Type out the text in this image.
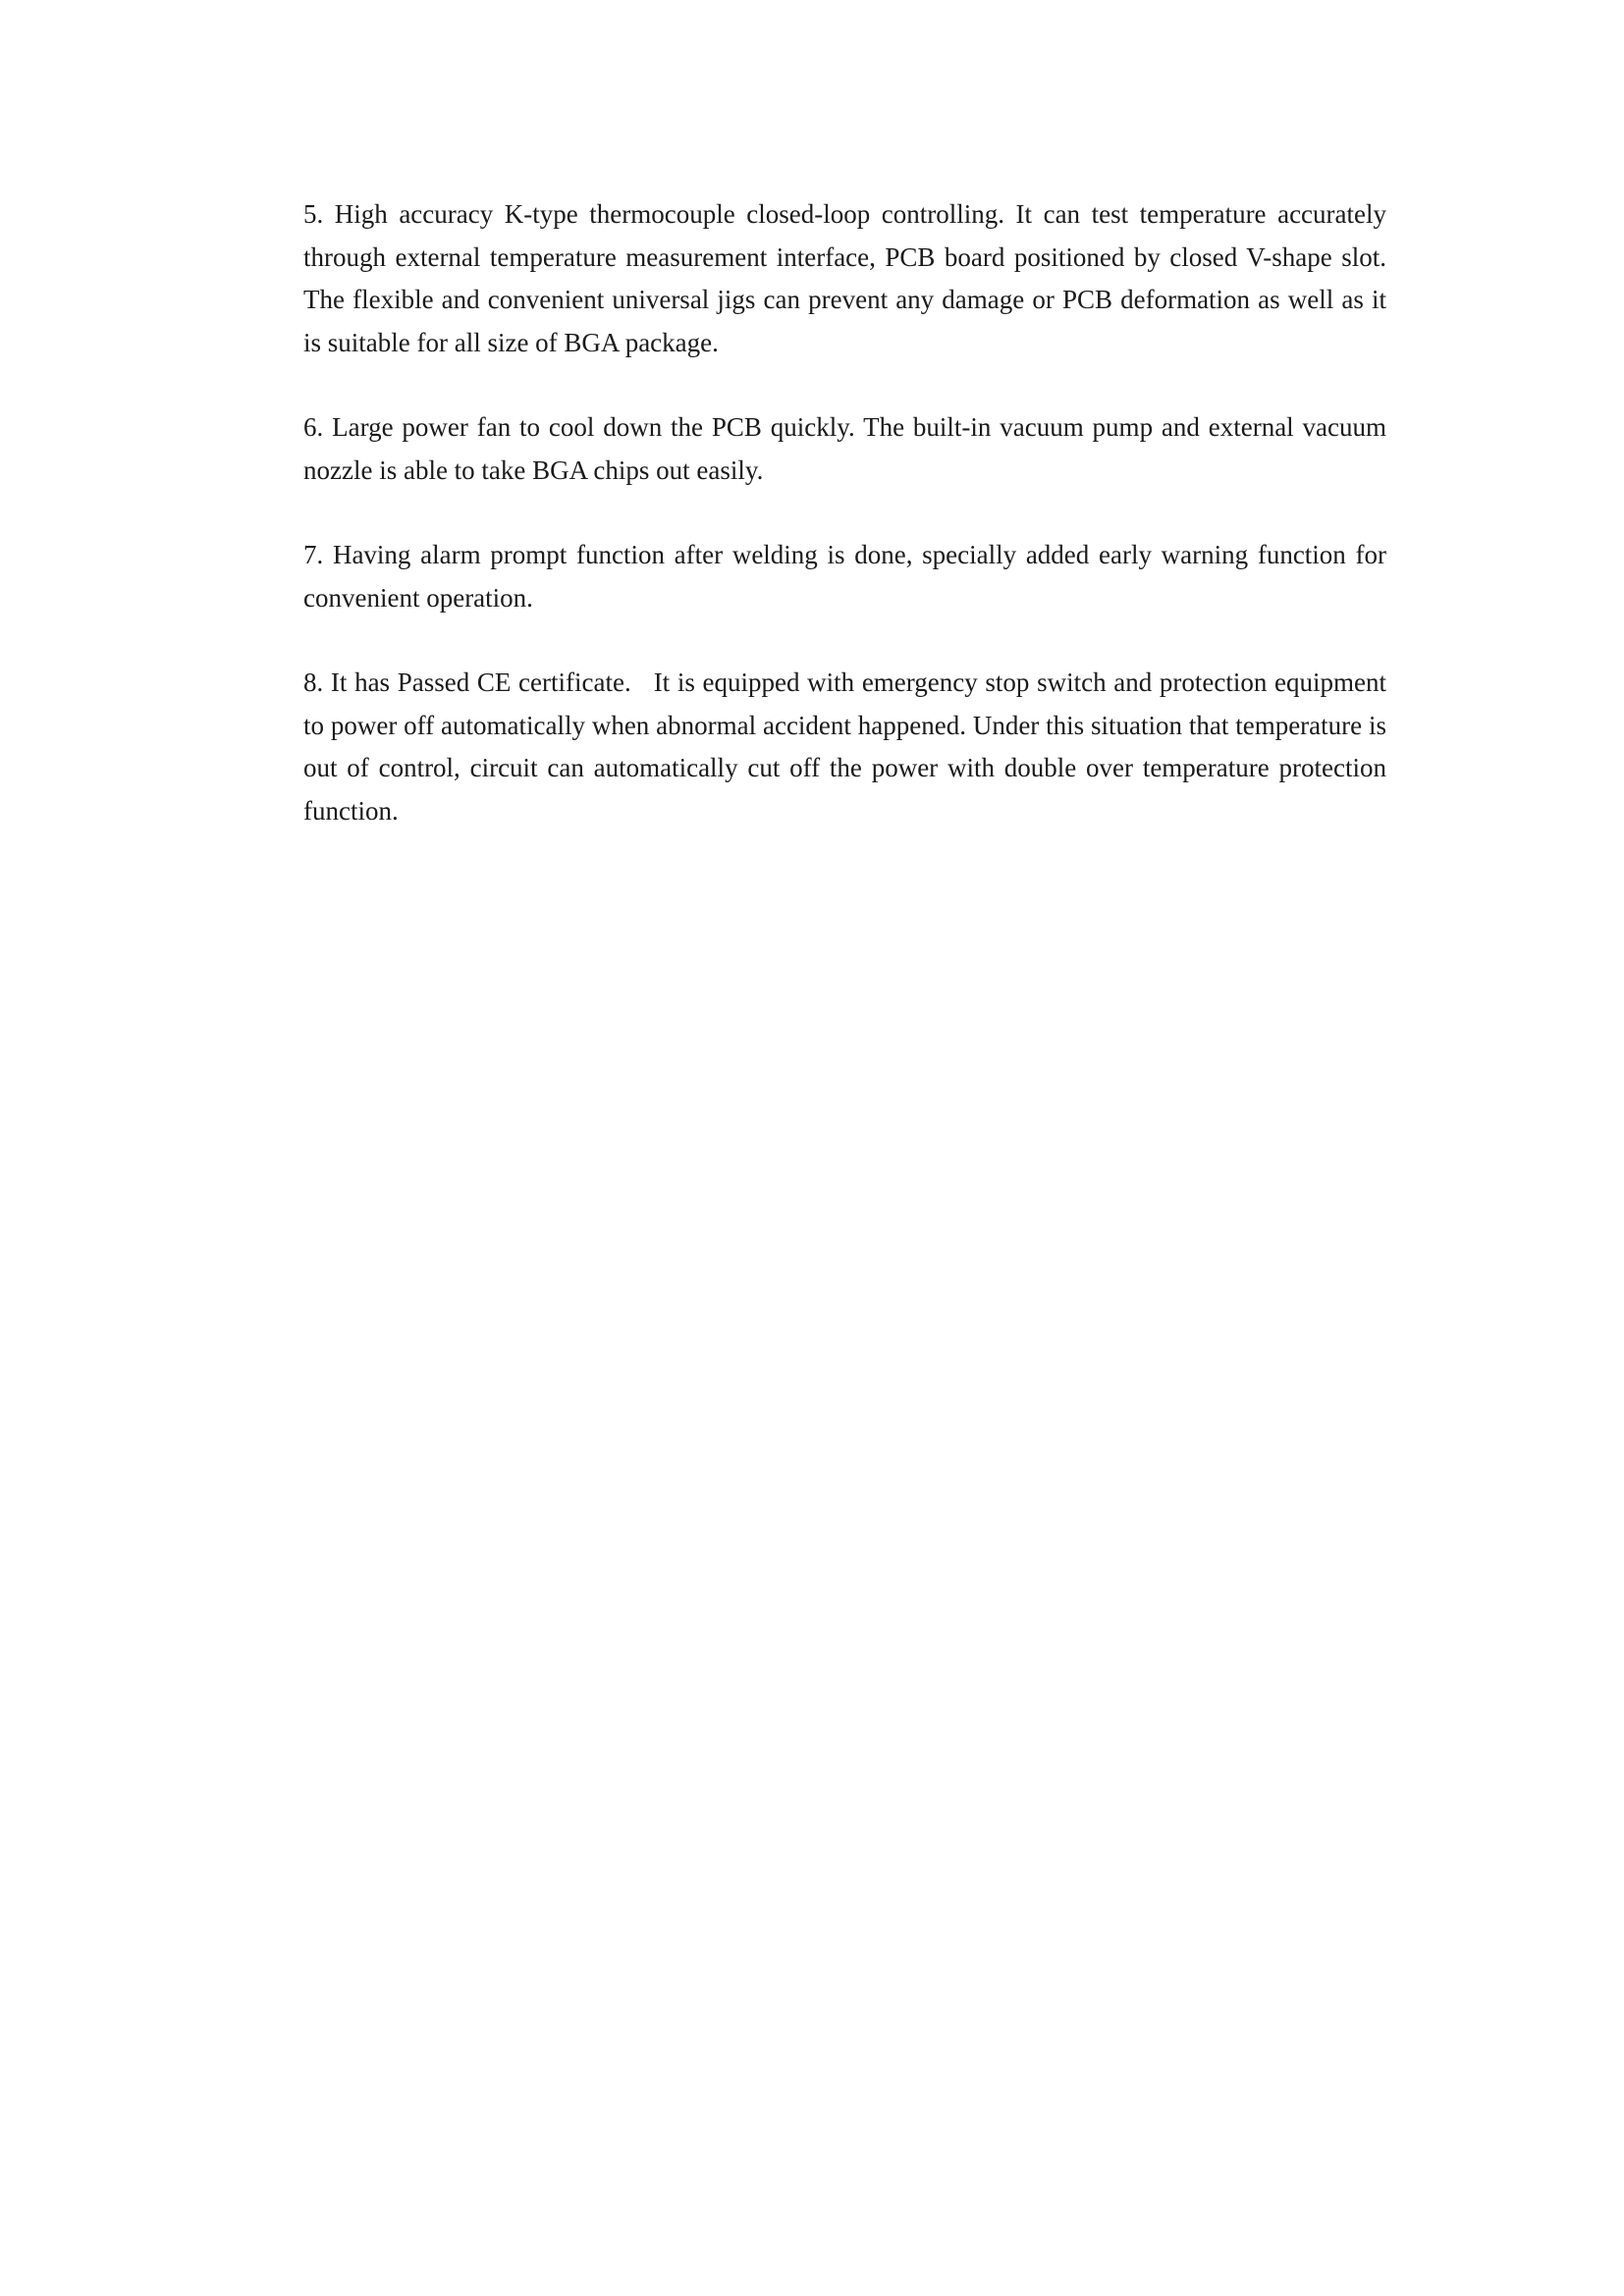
5. High accuracy K-type thermocouple closed-loop controlling. It can test temperature accurately through external temperature measurement interface, PCB board positioned by closed V-shape slot. The flexible and convenient universal jigs can prevent any damage or PCB deformation as well as it is suitable for all size of BGA package.

6. Large power fan to cool down the PCB quickly. The built-in vacuum pump and external vacuum nozzle is able to take BGA chips out easily.

7. Having alarm prompt function after welding is done, specially added early warning function for convenient operation.

8. It has Passed CE certificate.   It is equipped with emergency stop switch and protection equipment to power off automatically when abnormal accident happened. Under this situation that temperature is out of control, circuit can automatically cut off the power with double over temperature protection function.
